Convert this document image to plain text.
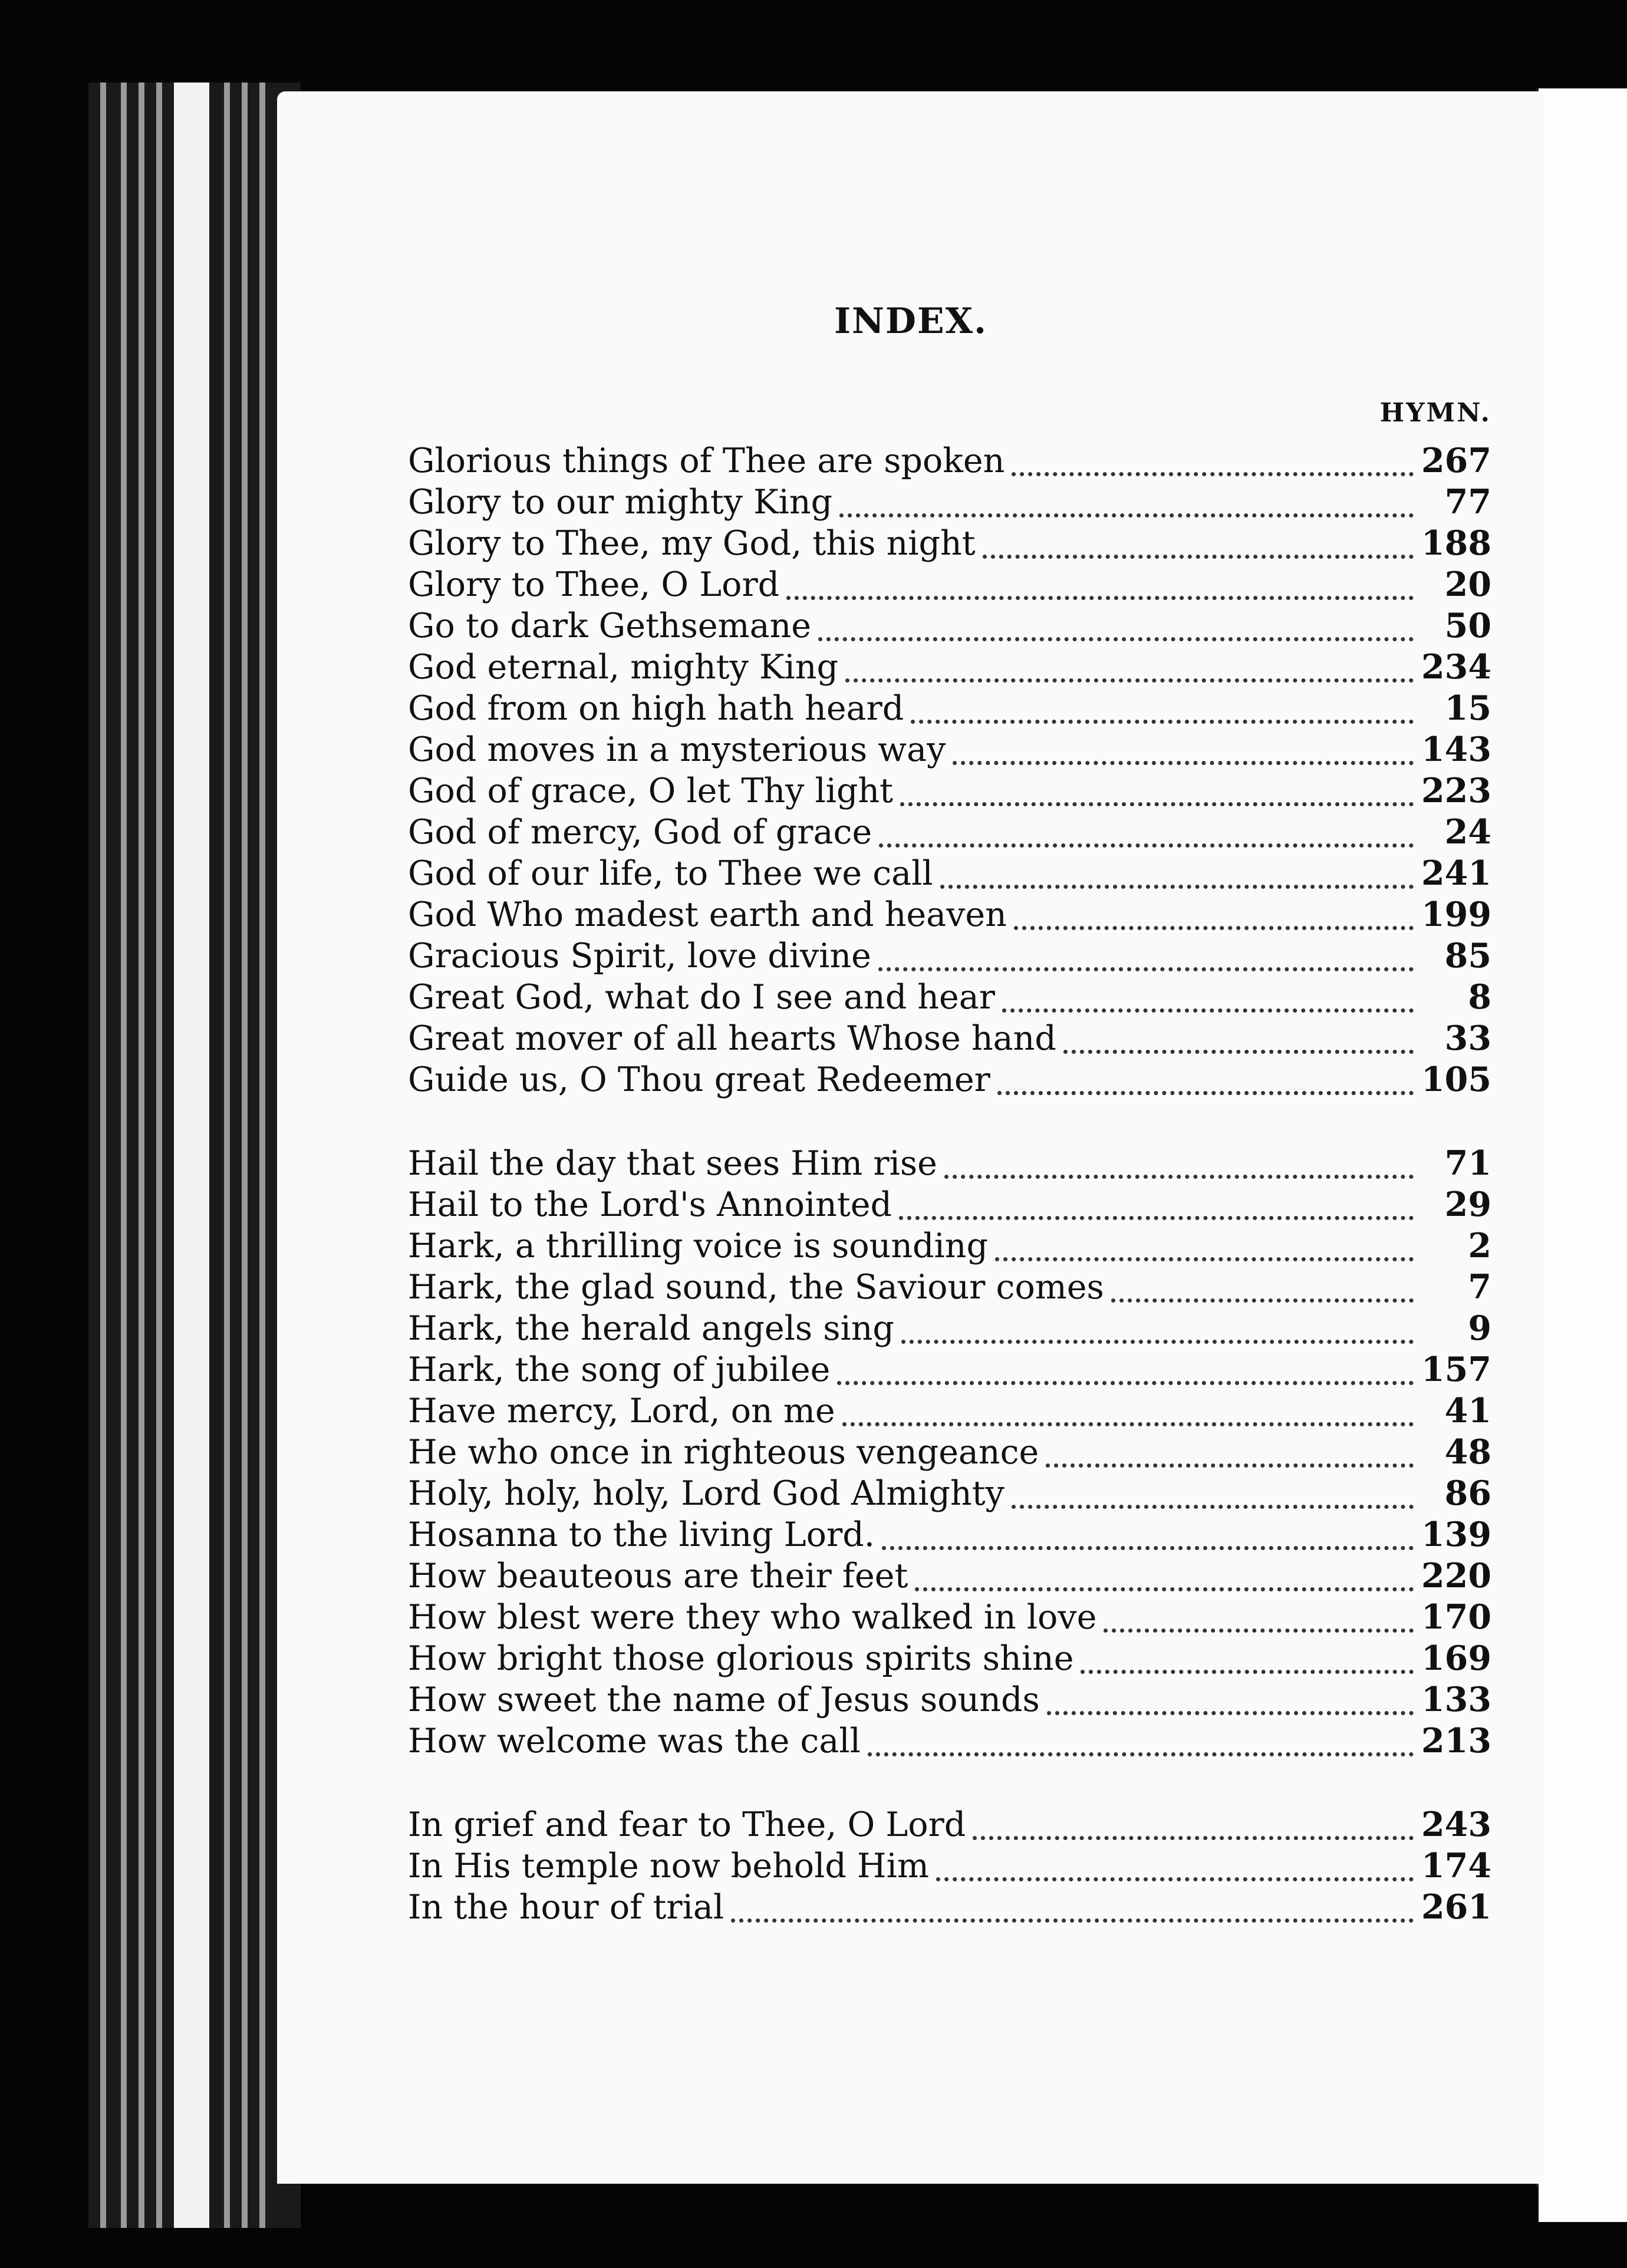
INDEX.
HYMN.
Glorious things of Thee are spoken	267
Glory to our mighty King	77
Glory to Thee, my God, this night	188
Glory to Thee, O Lord	20
Go to dark Gethsemane	50
God eternal, mighty King	234
God from on high hath heard	15
God moves in a mysterious way	143
God of grace, O let Thy light	223
God of mercy, God of grace	24
God of our life, to Thee we call	241
God Who madest earth and heaven	199
Gracious Spirit, love divine	85
Great God, what do I see and hear	8
Great mover of all hearts Whose hand	33
Guide us, O Thou great Redeemer	105
Hail the day that sees Him rise	71
Hail to the Lord's Annointed	29
Hark, a thrilling voice is sounding	2
Hark, the glad sound, the Saviour comes	7
Hark, the herald angels sing	9
Hark, the song of jubilee	157
Have mercy, Lord, on me	41
He who once in righteous vengeance	48
Holy, holy, holy, Lord God Almighty	86
Hosanna to the living Lord.	139
How beauteous are their feet	220
How blest were they who walked in love	170
How bright those glorious spirits shine	169
How sweet the name of Jesus sounds	133
How welcome was the call	213
In grief and fear to Thee, O Lord	243
In His temple now behold Him	174
In the hour of trial	261
